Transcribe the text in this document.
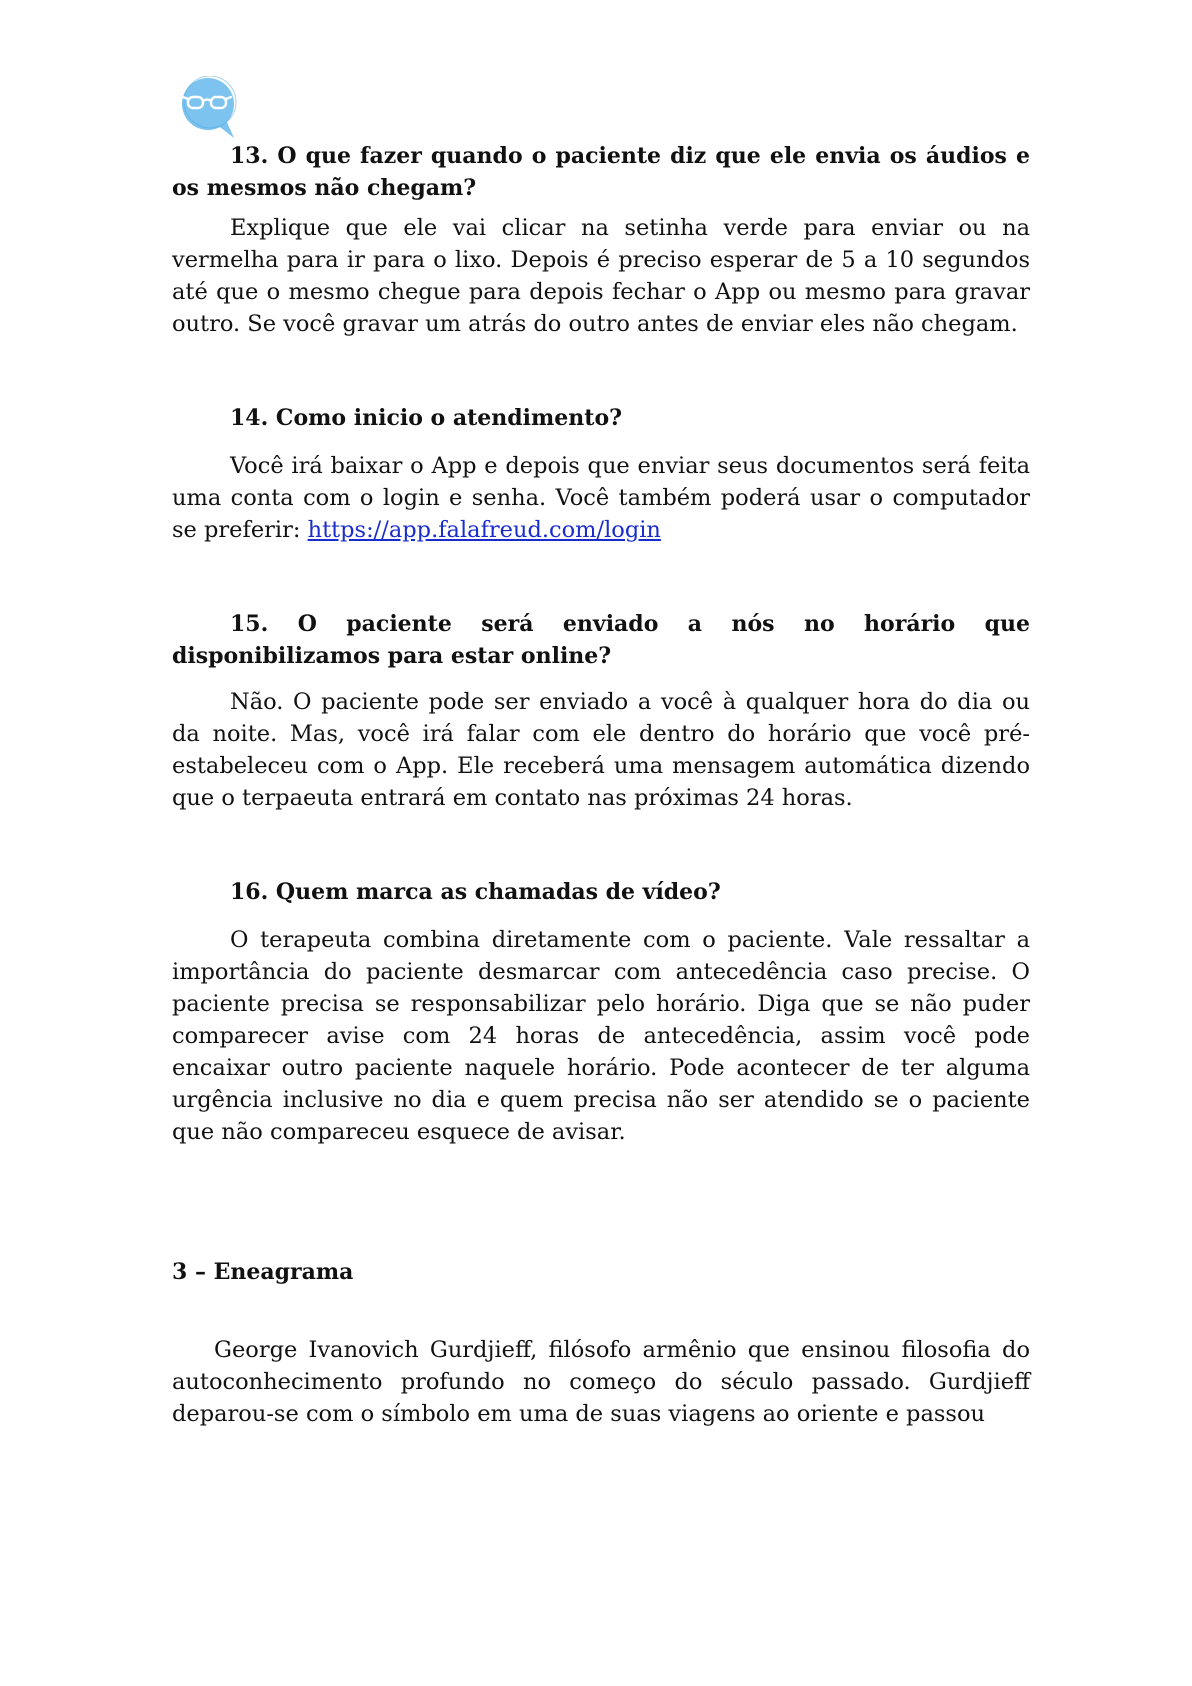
13. O que fazer quando o paciente diz que ele envia os áudios e os mesmos não chegam?

Explique que ele vai clicar na setinha verde para enviar ou na vermelha para ir para o lixo. Depois é preciso esperar de 5 a 10 segundos até que o mesmo chegue para depois fechar o App ou mesmo para gravar outro. Se você gravar um atrás do outro antes de enviar eles não chegam.

14. Como inicio o atendimento?

Você irá baixar o App e depois que enviar seus documentos será feita uma conta com o login e senha. Você também poderá usar o computador se preferir: https://app.falafreud.com/login

15. O paciente será enviado a nós no horário que disponibilizamos para estar online?

Não. O paciente pode ser enviado a você à qualquer hora do dia ou da noite. Mas, você irá falar com ele dentro do horário que você pré-estabeleceu com o App. Ele receberá uma mensagem automática dizendo que o terpaeuta entrará em contato nas próximas 24 horas.

16. Quem marca as chamadas de vídeo?

O terapeuta combina diretamente com o paciente. Vale ressaltar a importância do paciente desmarcar com antecedência caso precise. O paciente precisa se responsabilizar pelo horário. Diga que se não puder comparecer avise com 24 horas de antecedência, assim você pode encaixar outro paciente naquele horário. Pode acontecer de ter alguma urgência inclusive no dia e quem precisa não ser atendido se o paciente que não compareceu esquece de avisar.

3 – Eneagrama

George Ivanovich Gurdjieff, filósofo armênio que ensinou filosofia do autoconhecimento profundo no começo do século passado. Gurdjieff deparou-se com o símbolo em uma de suas viagens ao oriente e passou
